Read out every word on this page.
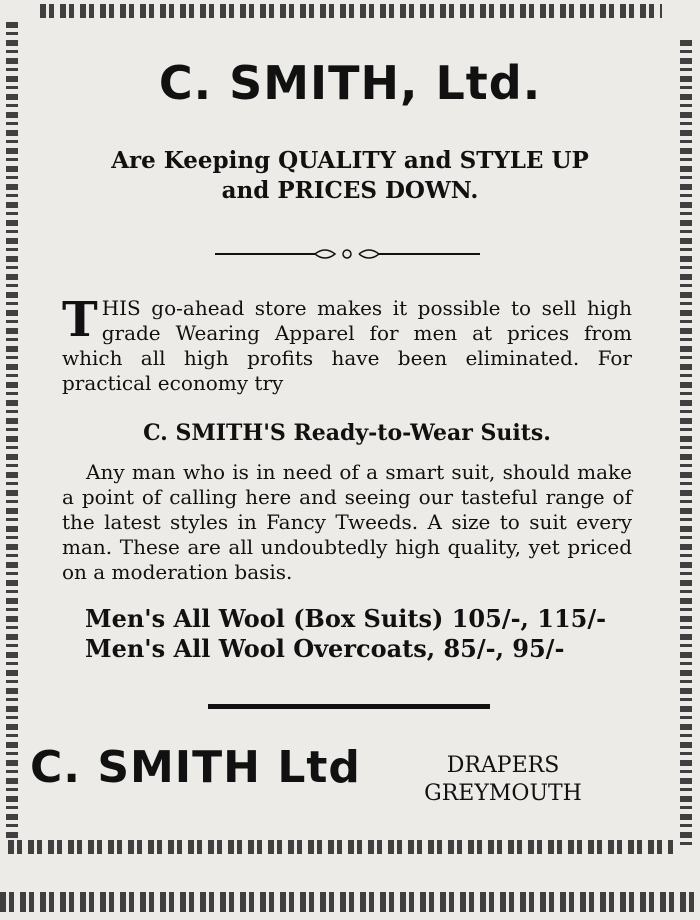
C. SMITH, Ltd.

Are Keeping QUALITY and STYLE UP
and PRICES DOWN.

THIS go-ahead store makes it possible to sell high grade Wearing Apparel for men at prices from which all high profits have been eliminated. For practical economy try

C. SMITH'S Ready-to-Wear Suits.

Any man who is in need of a smart suit, should make a point of calling here and seeing our tasteful range of the latest styles in Fancy Tweeds. A size to suit every man. These are all undoubtedly high quality, yet priced on a moderation basis.

Men's All Wool (Box Suits) 105/-, 115/-
Men's All Wool Overcoats, 85/-, 95/-

C. SMITH Ltd	DRAPERS
GREYMOUTH
